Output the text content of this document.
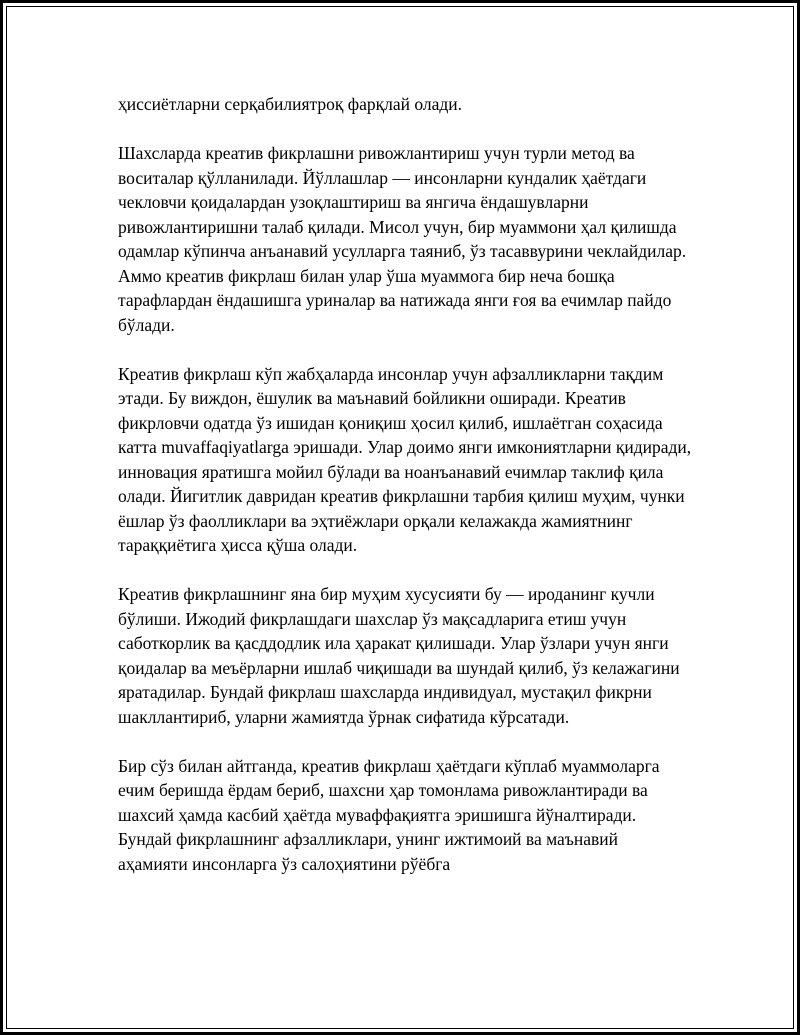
ҳиссиётларни серқабилиятроқ фарқлай олади.

Шахсларда креатив фикрлашни ривожлантириш учун турли метод ва воситалар қўлланилади. Йўллашлар — инсонларни кундалик ҳаётдаги чекловчи қоидалардан узоқлаштириш ва янгича ёндашувларни ривожлантиришни талаб қилади. Мисол учун, бир муаммони ҳал қилишда одамлар кўпинча анъанавий усулларга таяниб, ўз тасаввурини чеклайдилар. Аммо креатив фикрлаш билан улар ўша муаммога бир неча бошқа тарафлардан ёндашишга уриналар ва натижада янги ғоя ва ечимлар пайдо бўлади.

Креатив фикрлаш кўп жабҳаларда инсонлар учун афзалликларни тақдим этади. Бу виждон, ёшулик ва маънавий бойликни оширади. Креатив фикрловчи одатда ўз ишидан қониқиш ҳосил қилиб, ишлаётган соҳасида катта muvaffaqiyatlarga эришади. Улар доимо янги имкониятларни қидиради, инновация яратишга мойил бўлади ва ноанъанавий ечимлар таклиф қила олади. Йигитлик давридан креатив фикрлашни тарбия қилиш муҳим, чунки ёшлар ўз фаолликлари ва эҳтиёжлари орқали келажакда жамиятнинг тараққиётига ҳисса қўша олади.

Креатив фикрлашнинг яна бир муҳим хусусияти бу — ироданинг кучли бўлиши. Ижодий фикрлашдаги шахслар ўз мақсадларига етиш учун саботкорлик ва қасддодлик ила ҳаракат қилишади. Улар ўзлари учун янги қоидалар ва меъёрларни ишлаб чиқишади ва шундай қилиб, ўз келажагини яратадилар. Бундай фикрлаш шахсларда индивидуал, мустақил фикрни шакллантириб, уларни жамиятда ўрнак сифатида кўрсатади.

Бир сўз билан айтганда, креатив фикрлаш ҳаётдаги кўплаб муаммоларга ечим беришда ёрдам бериб, шахсни ҳар томонлама ривожлантиради ва шахсий ҳамда касбий ҳаётда муваффақиятга эришишга йўналтиради. Бундай фикрлашнинг афзалликлари, унинг ижтимоий ва маънавий аҳамияти инсонларга ўз салоҳиятини рўёбга
